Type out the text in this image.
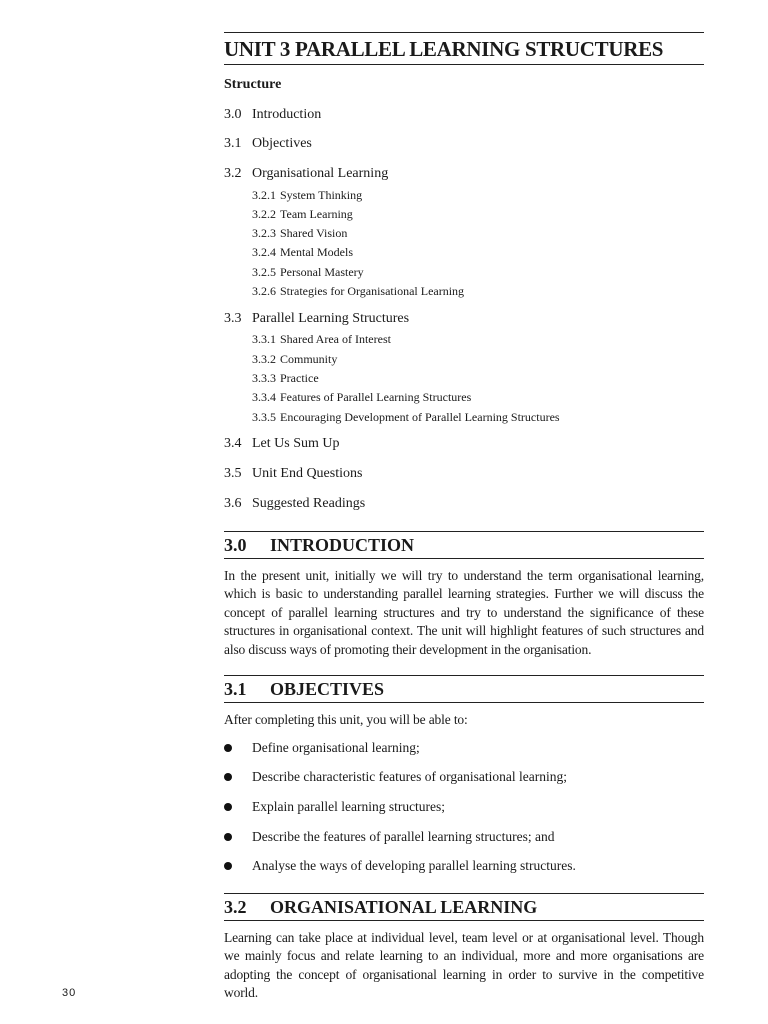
UNIT 3 PARALLEL LEARNING STRUCTURES
Structure
3.0 Introduction
3.1 Objectives
3.2 Organisational Learning
3.2.1 System Thinking
3.2.2 Team Learning
3.2.3 Shared Vision
3.2.4 Mental Models
3.2.5 Personal Mastery
3.2.6 Strategies for Organisational Learning
3.3 Parallel Learning Structures
3.3.1 Shared Area of Interest
3.3.2 Community
3.3.3 Practice
3.3.4 Features of Parallel Learning Structures
3.3.5 Encouraging Development of Parallel Learning Structures
3.4 Let Us Sum Up
3.5 Unit End Questions
3.6 Suggested Readings
3.0 INTRODUCTION
In the present unit, initially we will try to understand the term organisational learning, which is basic to understanding parallel learning strategies. Further we will discuss the concept of parallel learning structures and try to understand the significance of these structures in organisational context. The unit will highlight features of such structures and also discuss ways of promoting their development in the organisation.
3.1 OBJECTIVES
After completing this unit, you will be able to:
Define organisational learning;
Describe characteristic features of organisational learning;
Explain parallel learning structures;
Describe the features of parallel learning structures; and
Analyse the ways of developing parallel learning structures.
3.2 ORGANISATIONAL LEARNING
Learning can take place at individual level, team level or at organisational level. Though we mainly focus and relate learning to an individual, more and more organisations are adopting the concept of organisational learning in order to survive in the competitive world.
30
